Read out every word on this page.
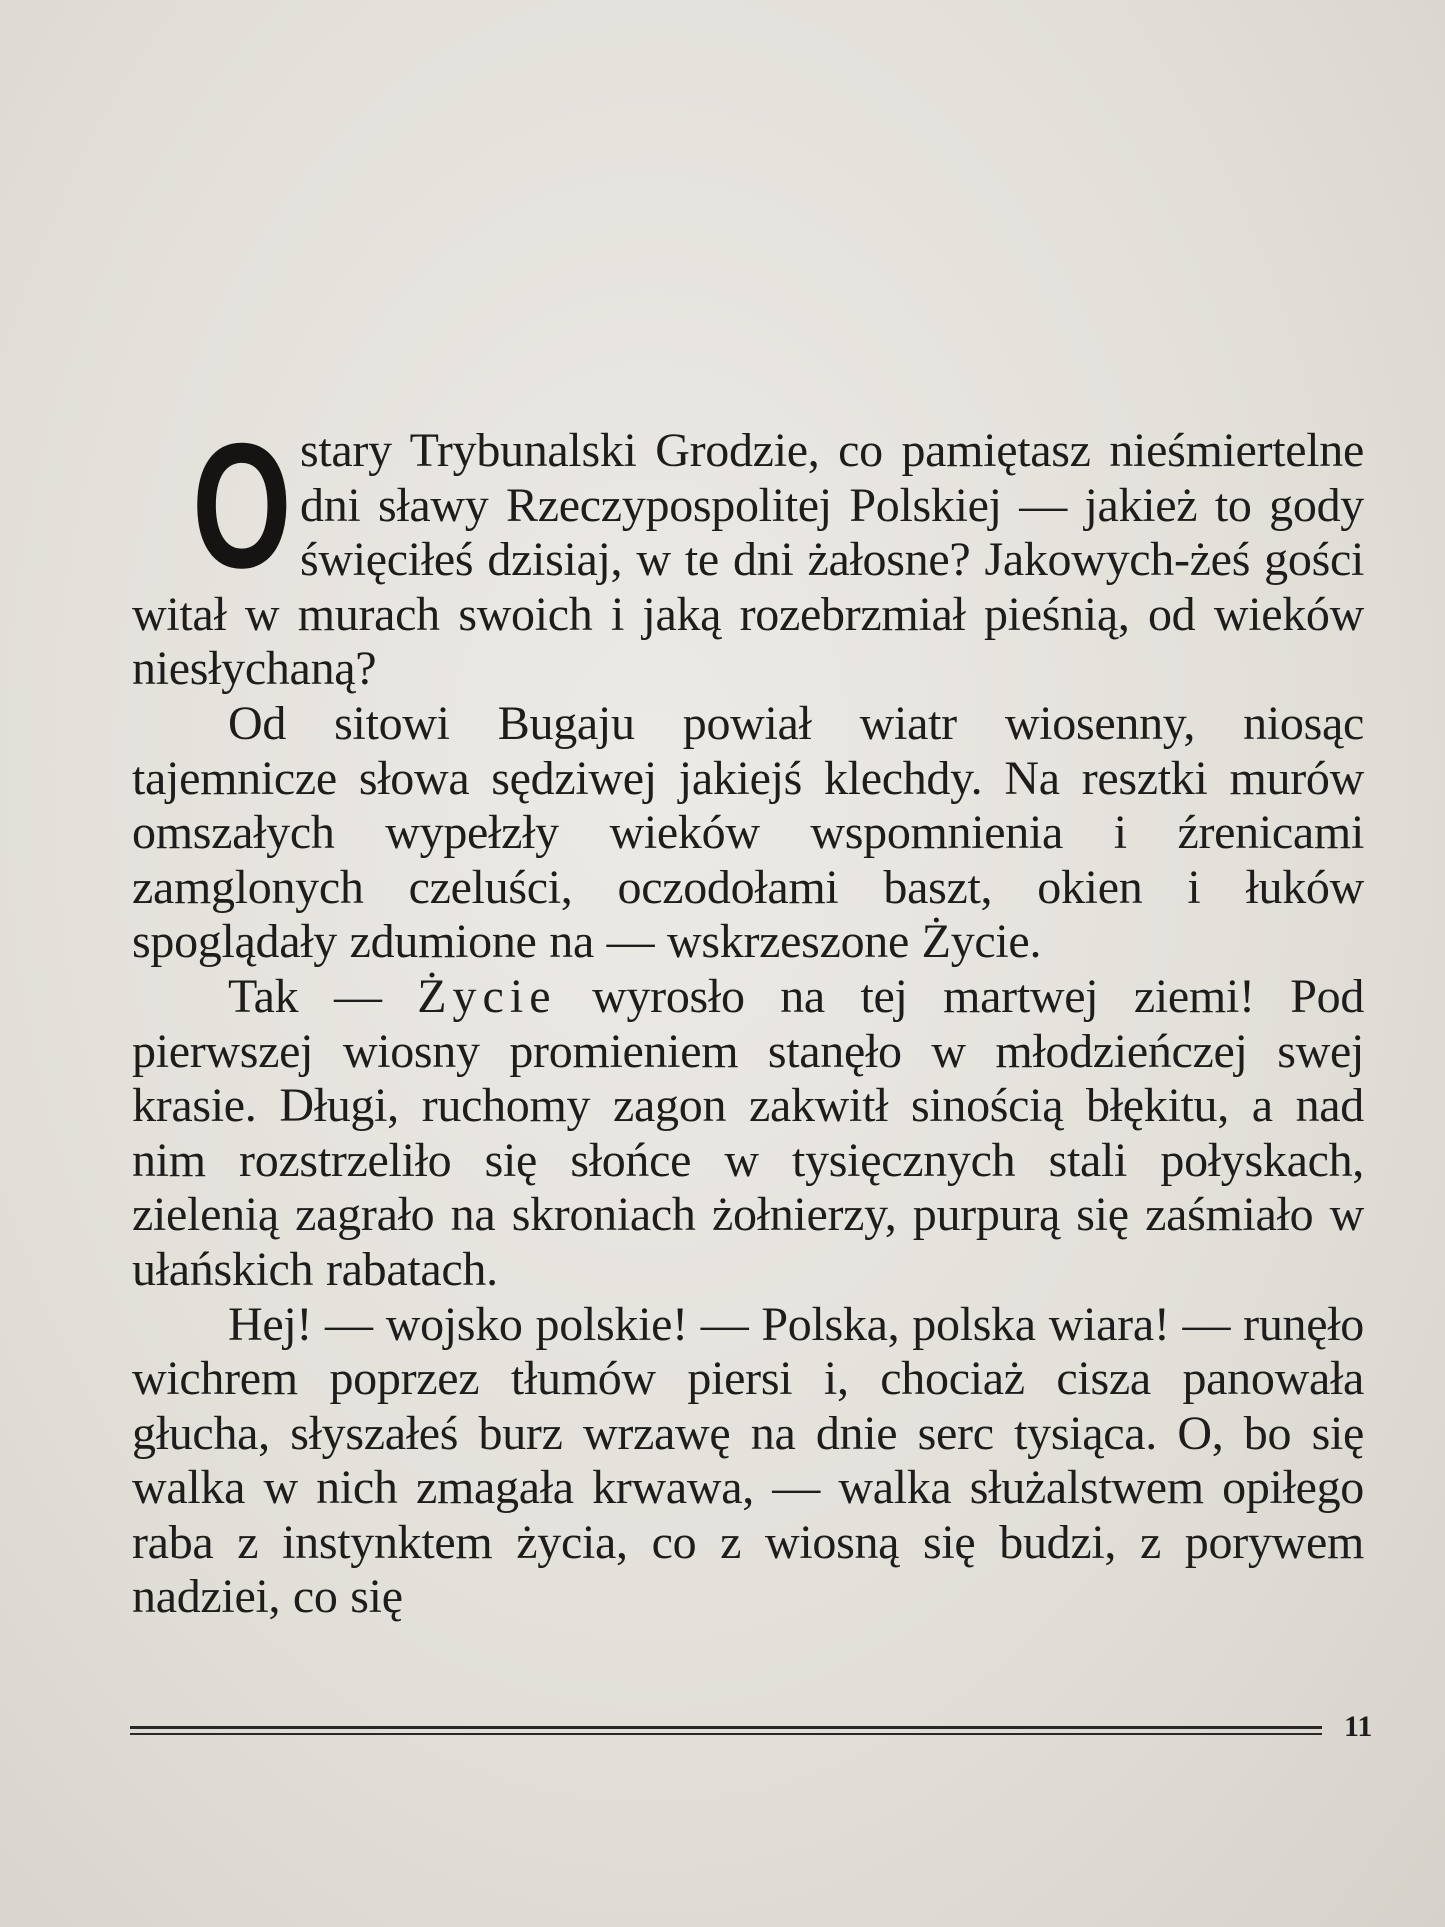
O stary Trybunalski Grodzie, co pamiętasz nieśmiertelne dni sławy Rzeczypospolitej Polskiej — jakież to gody święciłeś dzisiaj, w te dni żałosne? Jakowych-żeś gości witał w murach swoich i jaką rozebrzmiał pieśnią, od wieków niesłychaną?

Od sitowi Bugaju powiał wiatr wiosenny, niosąc tajemnicze słowa sędziwej jakiejś klechdy. Na resztki murów omszałych wypełzły wieków wspomnienia i źrenicami zamglonych czeluści, oczodołami baszt, okien i łuków spoglądały zdumione na — wskrzeszone Życie.

Tak — Życie wyrosło na tej martwej ziemi! Pod pierwszej wiosny promieniem stanęło w młodzieńczej swej krasie. Długi, ruchomy zagon zakwitł sinością błękitu, a nad nim rozstrzeliło się słońce w tysięcznych stali połyskach, zielenią zagrało na skroniach żołnierzy, purpurą się zaśmiało w ułańskich rabatach.

Hej! — wojsko polskie! — Polska, polska wiara! — runęło wichrem poprzez tłumów piersi i, chociaż cisza panowała głucha, słyszałeś burz wrzawę na dnie serc tysiąca. O, bo się walka w nich zmagała krwawa, — walka służalstwem opiłego raba z instynktem życia, co z wiosną się budzi, z porywem nadziei, co się

11
